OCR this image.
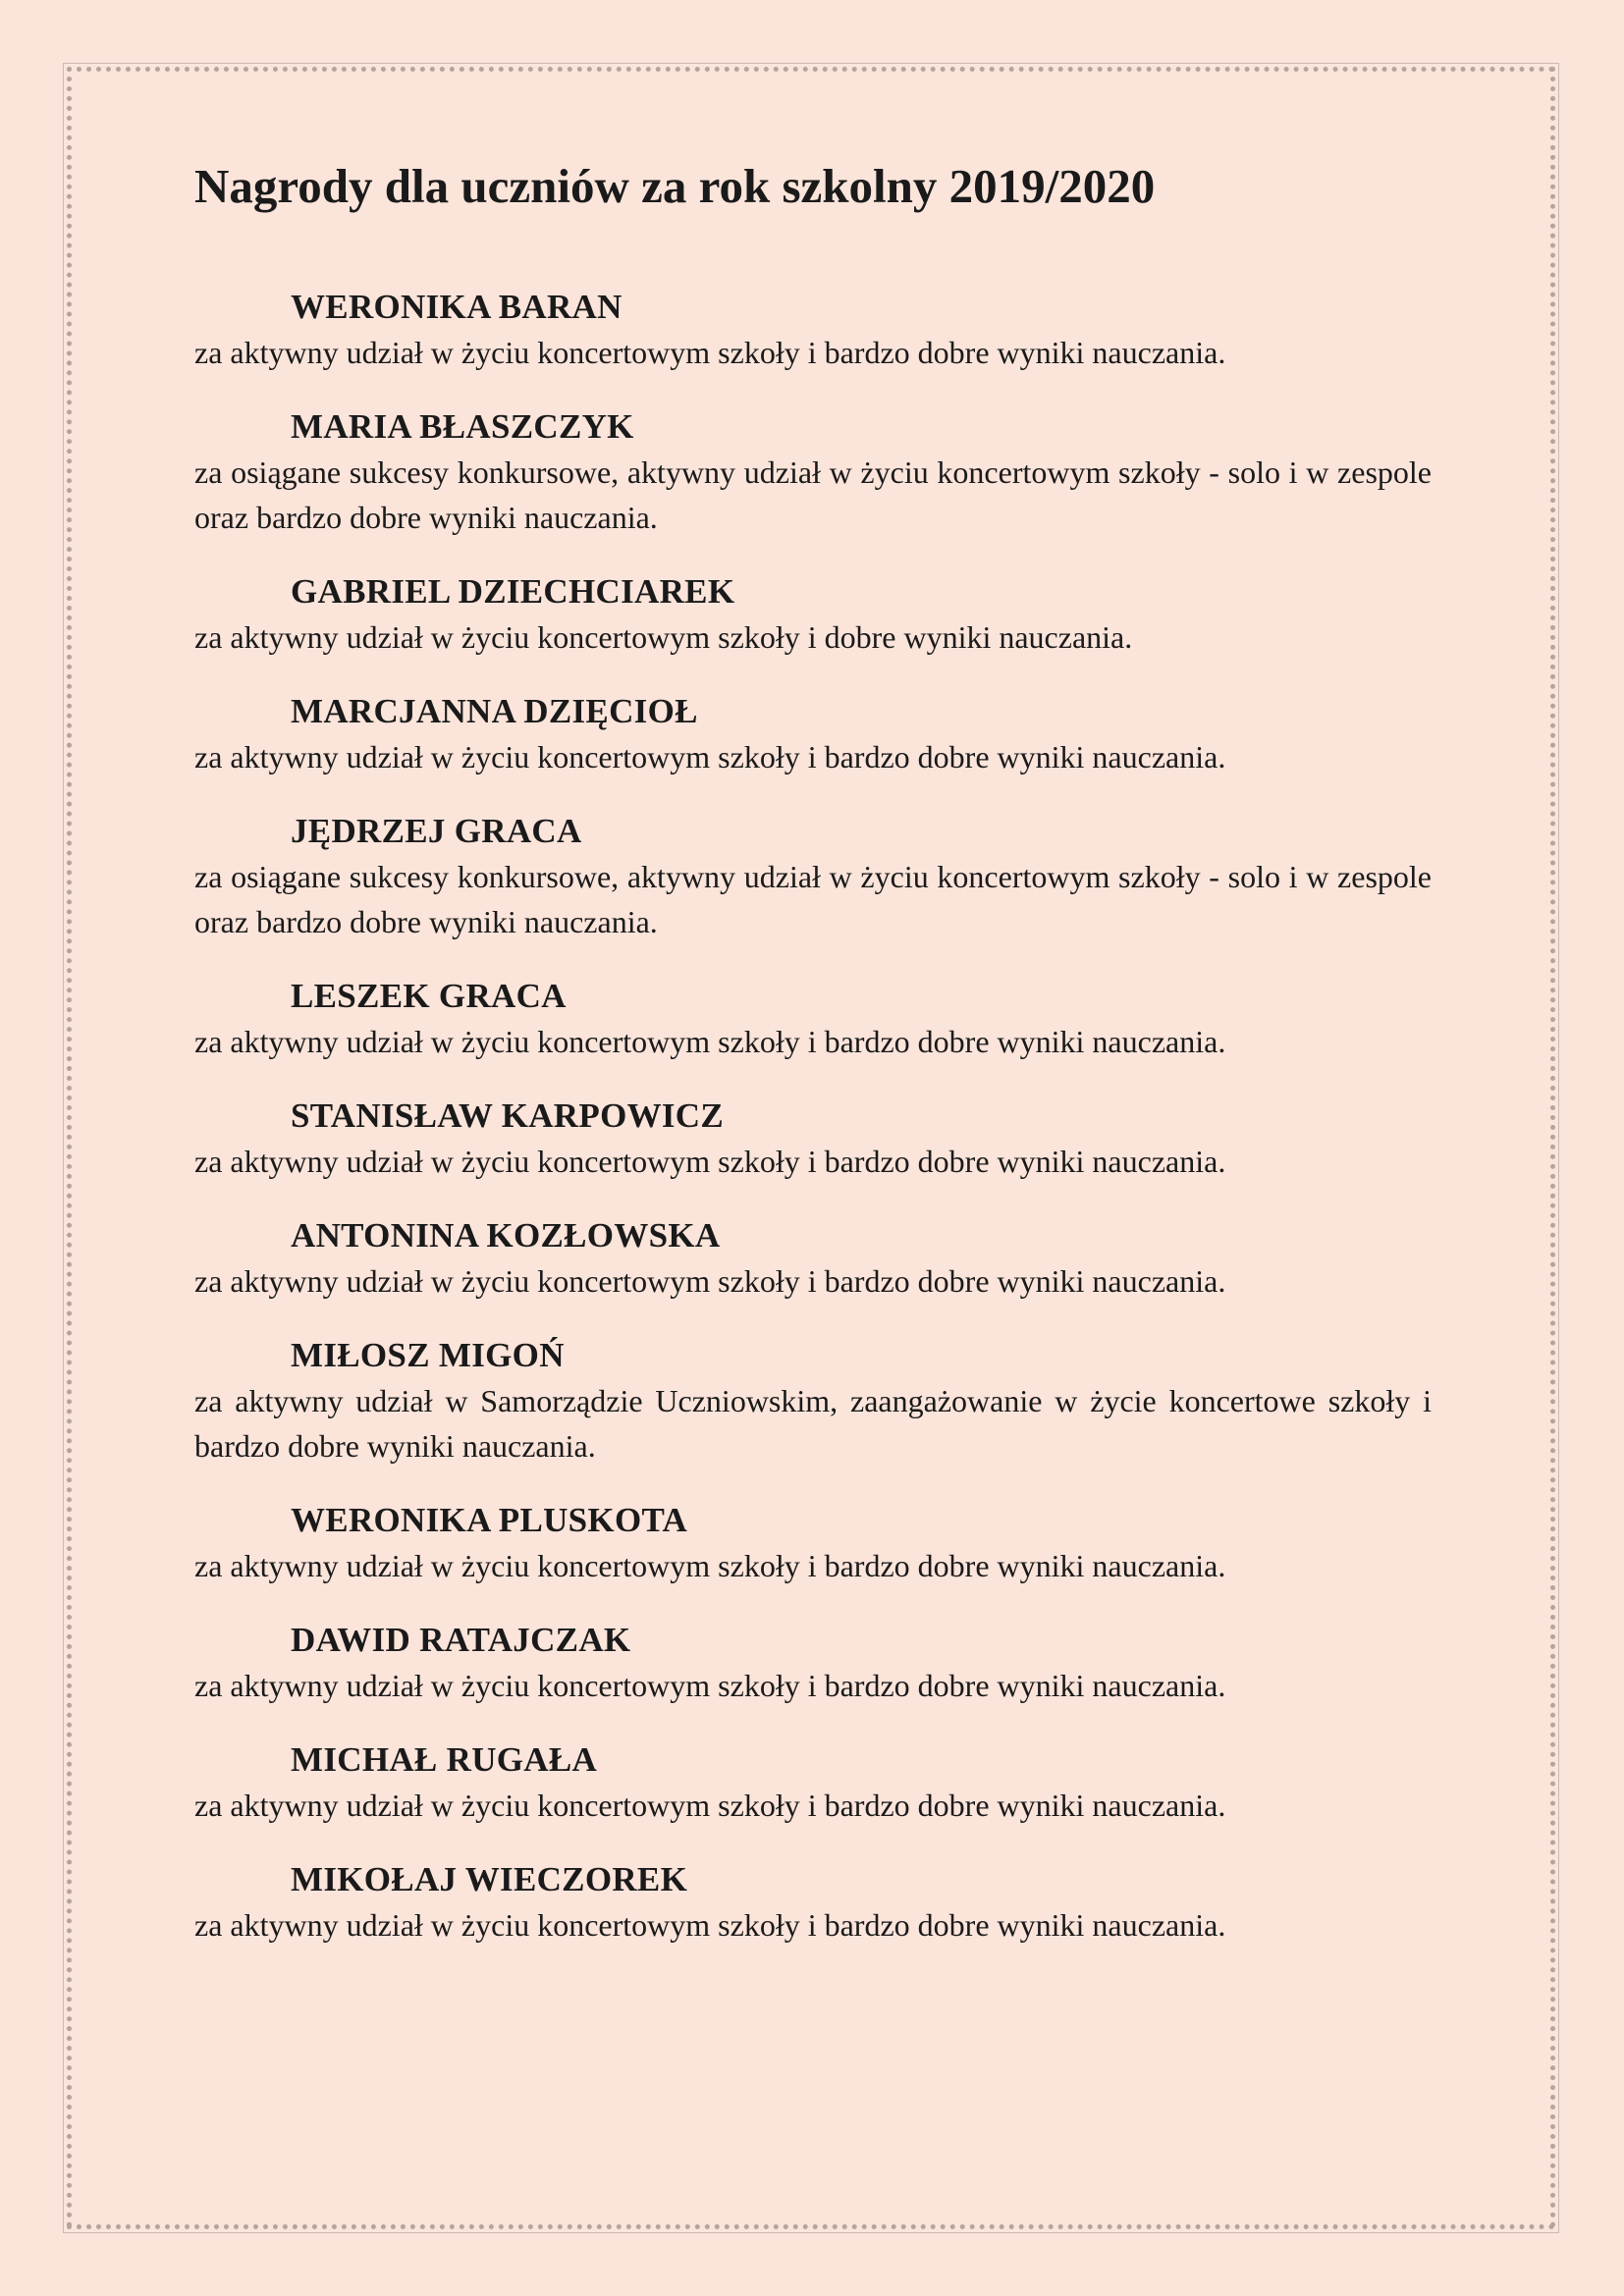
Nagrody dla uczniów za rok szkolny 2019/2020
WERONIKA BARAN
za aktywny udział w życiu koncertowym szkoły i bardzo dobre wyniki nauczania.
MARIA BŁASZCZYK
za osiągane sukcesy konkursowe, aktywny udział w życiu koncertowym szkoły - solo i w zespole oraz bardzo dobre wyniki nauczania.
GABRIEL DZIECHCIAREK
za aktywny udział w życiu koncertowym szkoły i dobre wyniki nauczania.
MARCJANNA DZIĘCIOŁ
za aktywny udział w życiu koncertowym szkoły i bardzo dobre wyniki nauczania.
JĘDRZEJ GRACA
za osiągane sukcesy konkursowe, aktywny udział w życiu koncertowym szkoły - solo i w zespole oraz bardzo dobre wyniki nauczania.
LESZEK GRACA
za aktywny udział w życiu koncertowym szkoły i bardzo dobre wyniki nauczania.
STANISŁAW KARPOWICZ
za aktywny udział w życiu koncertowym szkoły i bardzo dobre wyniki nauczania.
ANTONINA KOZŁOWSKA
za aktywny udział w życiu koncertowym szkoły i bardzo dobre wyniki nauczania.
MIŁOSZ MIGOŃ
za aktywny udział w Samorządzie Uczniowskim, zaangażowanie w życie koncertowe szkoły i bardzo dobre wyniki nauczania.
WERONIKA PLUSKOTA
za aktywny udział w życiu koncertowym szkoły i bardzo dobre wyniki nauczania.
DAWID RATAJCZAK
za aktywny udział w życiu koncertowym szkoły i bardzo dobre wyniki nauczania.
MICHAŁ RUGAŁA
za aktywny udział w życiu koncertowym szkoły i bardzo dobre wyniki nauczania.
MIKOŁAJ WIECZOREK
za aktywny udział w życiu koncertowym szkoły i bardzo dobre wyniki nauczania.
